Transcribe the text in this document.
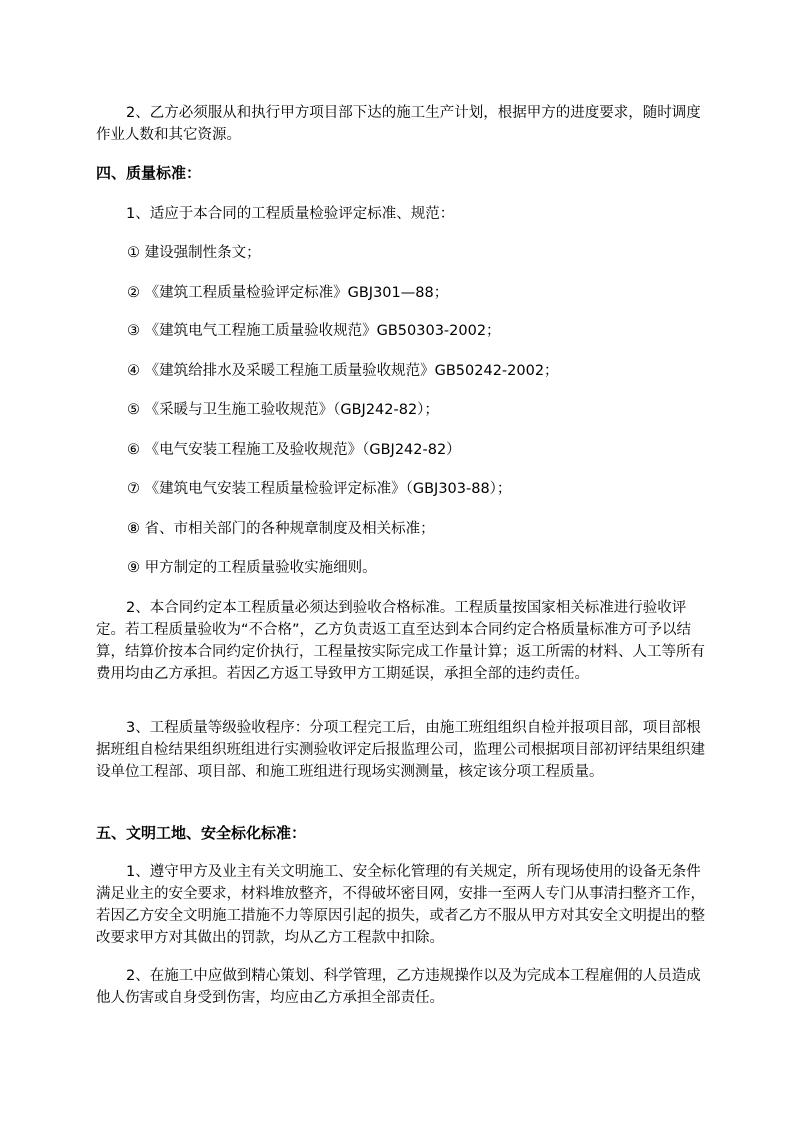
2、乙方必须服从和执行甲方项目部下达的施工生产计划，根据甲方的进度要求，随时调度作业人数和其它资源。
四、质量标准：
1、适应于本合同的工程质量检验评定标准、规范：
① 建设强制性条文；
② 《建筑工程质量检验评定标准》GBJ301—88；
③ 《建筑电气工程施工质量验收规范》GB50303-2002；
④ 《建筑给排水及采暖工程施工质量验收规范》GB50242-2002；
⑤ 《采暖与卫生施工验收规范》（GBJ242-82）；
⑥ 《电气安装工程施工及验收规范》（GBJ242-82）
⑦ 《建筑电气安装工程质量检验评定标准》（GBJ303-88）；
⑧ 省、市相关部门的各种规章制度及相关标准；
⑨ 甲方制定的工程质量验收实施细则。
2、本合同约定本工程质量必须达到验收合格标准。工程质量按国家相关标准进行验收评定。若工程质量验收为“不合格”，乙方负责返工直至达到本合同约定合格质量标准方可予以结算，结算价按本合同约定价执行，工程量按实际完成工作量计算；返工所需的材料、人工等所有费用均由乙方承担。若因乙方返工导致甲方工期延误，承担全部的违约责任。
3、工程质量等级验收程序：分项工程完工后，由施工班组组织自检并报项目部，项目部根据班组自检结果组织班组进行实测验收评定后报监理公司，监理公司根据项目部初评结果组织建设单位工程部、项目部、和施工班组进行现场实测测量，核定该分项工程质量。
五、文明工地、安全标化标准：
1、遵守甲方及业主有关文明施工、安全标化管理的有关规定，所有现场使用的设备无条件满足业主的安全要求，材料堆放整齐，不得破坏密目网，安排一至两人专门从事清扫整齐工作，若因乙方安全文明施工措施不力等原因引起的损失，或者乙方不服从甲方对其安全文明提出的整改要求甲方对其做出的罚款，均从乙方工程款中扣除。
2、在施工中应做到精心策划、科学管理，乙方违规操作以及为完成本工程雇佣的人员造成他人伤害或自身受到伤害，均应由乙方承担全部责任。
